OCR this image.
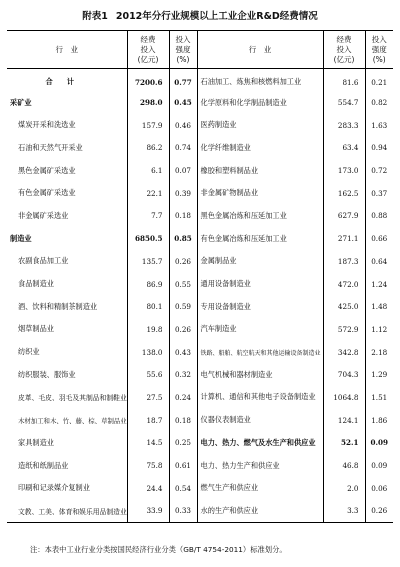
附表1 2012年分行业规模以上工业企业R&D经费情况
行　业	经费
投入
(亿元)	投入
强度
(%)	行　业	经费
投入
(亿元)	投入
强度
(%)
合计	7200.6	0.77	石油加工、炼焦和核燃料加工业	81.6	0.21
采矿业	298.0	0.45	化学原料和化学制品制造业	554.7	0.82
煤炭开采和洗选业	157.9	0.46	医药制造业	283.3	1.63
石油和天然气开采业	86.2	0.74	化学纤维制造业	63.4	0.94
黑色金属矿采选业	6.1	0.07	橡胶和塑料制品业	173.0	0.72
有色金属矿采选业	22.1	0.39	非金属矿物制品业	162.5	0.37
非金属矿采选业	7.7	0.18	黑色金属冶炼和压延加工业	627.9	0.88
制造业	6850.5	0.85	有色金属冶炼和压延加工业	271.1	0.66
农副食品加工业	135.7	0.26	金属制品业	187.3	0.64
食品制造业	86.9	0.55	通用设备制造业	472.0	1.24
酒、饮料和精制茶制造业	80.1	0.59	专用设备制造业	425.0	1.48
烟草制品业	19.8	0.26	汽车制造业	572.9	1.12
纺织业	138.0	0.43	铁路、船舶、航空航天和其他运输设备制造业	342.8	2.18
纺织服装、服饰业	55.6	0.32	电气机械和器材制造业	704.3	1.29
皮革、毛皮、羽毛及其制品和制鞋业	27.5	0.24	计算机、通信和其他电子设备制造业	1064.8	1.51
木材加工和木、竹、藤、棕、草制品业	18.7	0.18	仪器仪表制造业	124.1	1.86
家具制造业	14.5	0.25	电力、热力、燃气及水生产和供应业	52.1	0.09
造纸和纸制品业	75.8	0.61	电力、热力生产和供应业	46.8	0.09
印刷和记录媒介复制业	24.4	0.54	燃气生产和供应业	2.0	0.06
文教、工美、体育和娱乐用品制造业	33.9	0.33	水的生产和供应业	3.3	0.26
注：本表中工业行业分类按国民经济行业分类（GB/T 4754-2011）标准划分。
